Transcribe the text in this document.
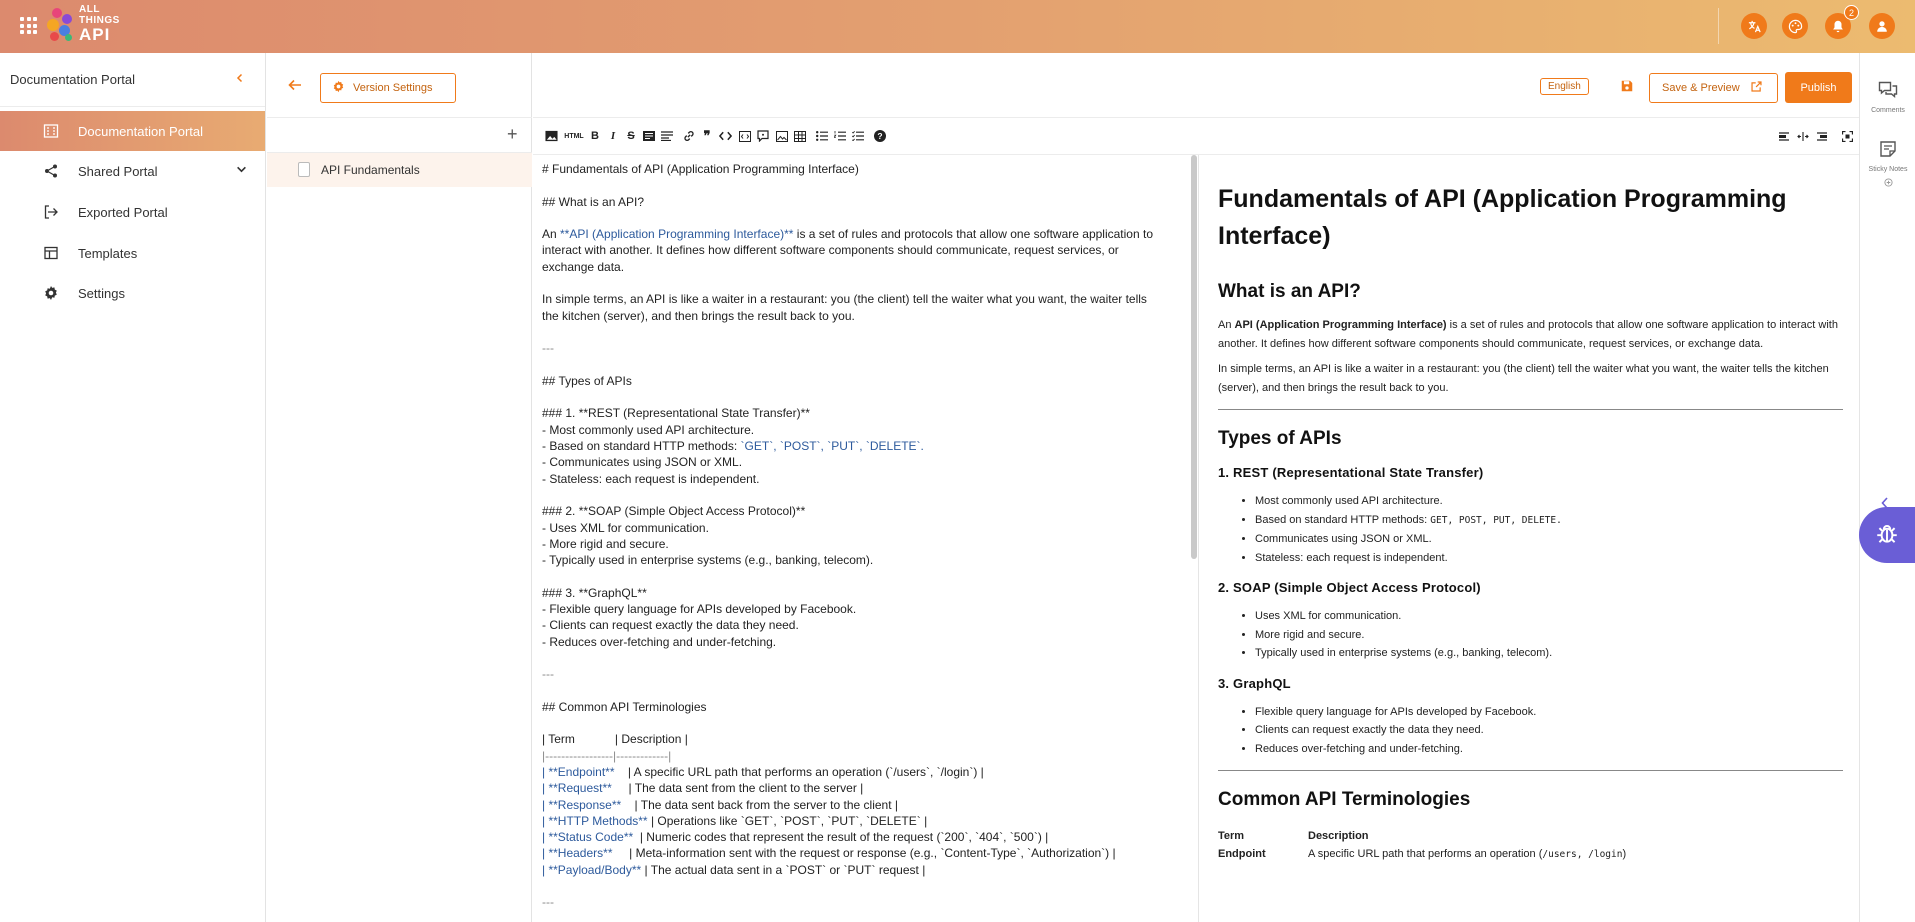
ALL
THINGS
API
2
Documentation Portal
Documentation Portal
Shared Portal
Exported Portal
Templates
Settings
Version Settings
+
API Fundamentals
English	Save & Preview	Publish
HTML B	I	S	❞	?
# Fundamentals of API (Application Programming Interface)
## What is an API?
An **API (Application Programming Interface)** is a set of rules and protocols that allow one software application to
interact with another. It defines how different software components should communicate, request services, or
exchange data.
In simple terms, an API is like a waiter in a restaurant: you (the client) tell the waiter what you want, the waiter tells
the kitchen (server), and then brings the result back to you.
---
## Types of APIs
### 1. **REST (Representational State Transfer)**
- Most commonly used API architecture.
- Based on standard HTTP methods: `GET`, `POST`, `PUT`, `DELETE`.
- Communicates using JSON or XML.
- Stateless: each request is independent.
### 2. **SOAP (Simple Object Access Protocol)**
- Uses XML for communication.
- More rigid and secure.
- Typically used in enterprise systems (e.g., banking, telecom).
### 3. **GraphQL**
- Flexible query language for APIs developed by Facebook.
- Clients can request exactly the data they need.
- Reduces over-fetching and under-fetching.
---
## Common API Terminologies
| Term            | Description |
|-----------------|-------------|
| **Endpoint**    | A specific URL path that performs an operation (`/users`, `/login`) |
| **Request**     | The data sent from the client to the server |
| **Response**    | The data sent back from the server to the client |
| **HTTP Methods** | Operations like `GET`, `POST`, `PUT`, `DELETE` |
| **Status Code**  | Numeric codes that represent the result of the request (`200`, `404`, `500`) |
| **Headers**     | Meta-information sent with the request or response (e.g., `Content-Type`, `Authorization`) |
| **Payload/Body** | The actual data sent in a `POST` or `PUT` request |
---
Fundamentals of API (Application Programming Interface)
What is an API?

An API (Application Programming Interface) is a set of rules and protocols that allow one software application to interact with another. It defines how different software components should communicate, request services, or exchange data.

In simple terms, an API is like a waiter in a restaurant: you (the client) tell the waiter what you want, the waiter tells the kitchen (server), and then brings the result back to you.

Types of APIs
1. REST (Representational State Transfer)
• Most commonly used API architecture.
• Based on standard HTTP methods: GET, POST, PUT, DELETE.
• Communicates using JSON or XML.
• Stateless: each request is independent.
2. SOAP (Simple Object Access Protocol)
• Uses XML for communication.
• More rigid and secure.
• Typically used in enterprise systems (e.g., banking, telecom).
3. GraphQL
• Flexible query language for APIs developed by Facebook.
• Clients can request exactly the data they need.
• Reduces over-fetching and under-fetching.
Common API Terminologies
Term	Description
Endpoint	A specific URL path that performs an operation (/users, /login)
Comments
Sticky Notes
